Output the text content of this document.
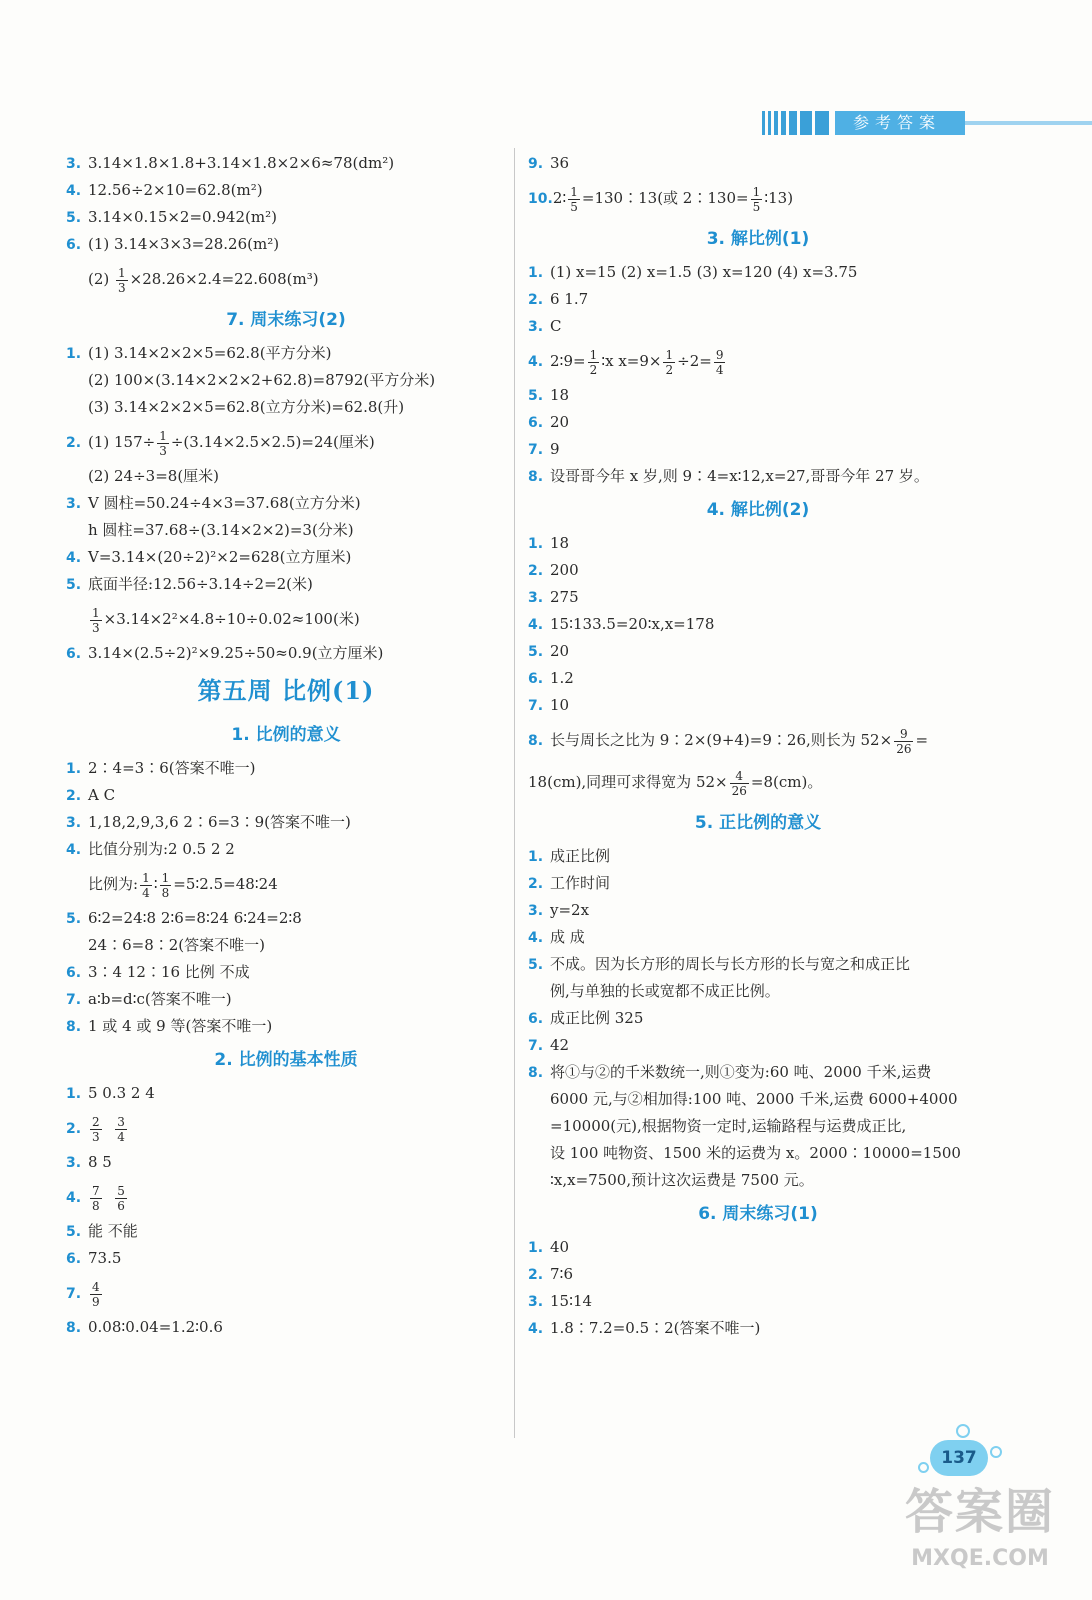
参考答案
3. 3.14×1.8×1.8+3.14×1.8×2×6≈78(dm²)
4. 12.56÷2×10=62.8(m²)
5. 3.14×0.15×2=0.942(m²)
6. (1) 3.14×3×3=28.26(m²)
$(2) \frac{1}{3} \times 28.26\times 2.4=22.608(m^3)$
7. 周末练习(2)
1. (1) 3.14×2×2×5=62.8(平方分米)
(2) 100×(3.14×2×2×2+62.8)=8792(平方分米)
(3) 3.14×2×2×5=62.8(立方分米)=62.8(升)
2. (1) $157\div \frac{1}{3} \div(3.14\times 2.5\times 2.5)=24$(厘米)
(2) 24÷3=8(厘米)
3. V 圆柱=50.24÷4×3=37.68(立方分米)
h 圆柱=37.68÷(3.14×2×2)=3(分米)
4. V=3.14×(20÷2)²×2=628(立方厘米)
5. 底面半径:12.56÷3.14÷2=2(米)
$\frac{1}{3} \times 3.14\times 2^2\times 4.8\div 10\div 0.02\approx 100$(米)
6. 3.14×(2.5÷2)²×9.25÷50≈0.9(立方厘米)
第五周 比例(1)
1. 比例的意义
1. 2∶4=3∶6(答案不唯一)
2. A C
3. 1,18,2,9,3,6 2∶6=3∶9(答案不唯一)
4. 比值分别为:2 0.5 2 2
比例为: $\frac{1}{4}$ ∶ $\frac{1}{8}$ =5∶2.5=48∶24
5. 6∶2=24∶8 2∶6=8∶24 6∶24=2∶8
24∶6=8∶2(答案不唯一)
6. 3∶4 12∶16 比例 不成
7. a∶b=d∶c(答案不唯一)
8. 1 或 4 或 9 等(答案不唯一)
2. 比例的基本性质
1. 5 0.3 2 4
2. $\frac{2}{3}$
$\frac{3}{4}$
3. 8 5
4. $\frac{7}{8}$
$\frac{5}{6}$
5. 能 不能
6. 73.5
7. $\frac{4}{9}$
8. 0.08∶0.04=1.2∶0.6
9. 36
10.2∶ $\frac{1}{5}$ =130∶13(或 2∶130= $\frac{1}{5}$ ∶13)
3. 解比例(1)
1. (1) x=15 (2) x=1.5 (3) x=120 (4) x=3.75
2. 6 1.7
3. C
4. 2∶9= $\frac{1}{2}$ ∶x $x=9\times \frac{1}{2} \div 2= \frac{9}{4}$
5. 18
6. 20
7. 9
8. 设哥哥今年 x 岁,则 9∶4=x∶12,x=27,哥哥今年 27 岁。
4. 解比例(2)
1. 18
2. 200
3. 275
4. 15∶133.5=20∶x,x=178
5. 20
6. 1.2
7. 10
8. 长与周长之比为 9∶2×(9+4)=9∶26,则长为 $52\times \frac{9}{26}$ =
18(cm),同理可求得宽为 $52\times \frac{4}{26} =8(cm)$。
5. 正比例的意义
1. 成正比例
2. 工作时间
3. y=2x
4. 成 成
5. 不成。因为长方形的周长与长方形的长与宽之和成正比
例,与单独的长或宽都不成正比例。
6. 成正比例 325
7. 42
8. 将①与②的千米数统一,则①变为:60 吨、2000 千米,运费
6000 元,与②相加得:100 吨、2000 千米,运费 6000+4000
=10000(元),根据物资一定时,运输路程与运费成正比,
设 100 吨物资、1500 米的运费为 x。2000∶10000=1500
∶x,x=7500,预计这次运费是 7500 元。
6. 周末练习(1)
1. 40
2. 7∶6
3. 15∶14
4. 1.8∶7.2=0.5∶2(答案不唯一)
137
答案圈
MXQE.COM
